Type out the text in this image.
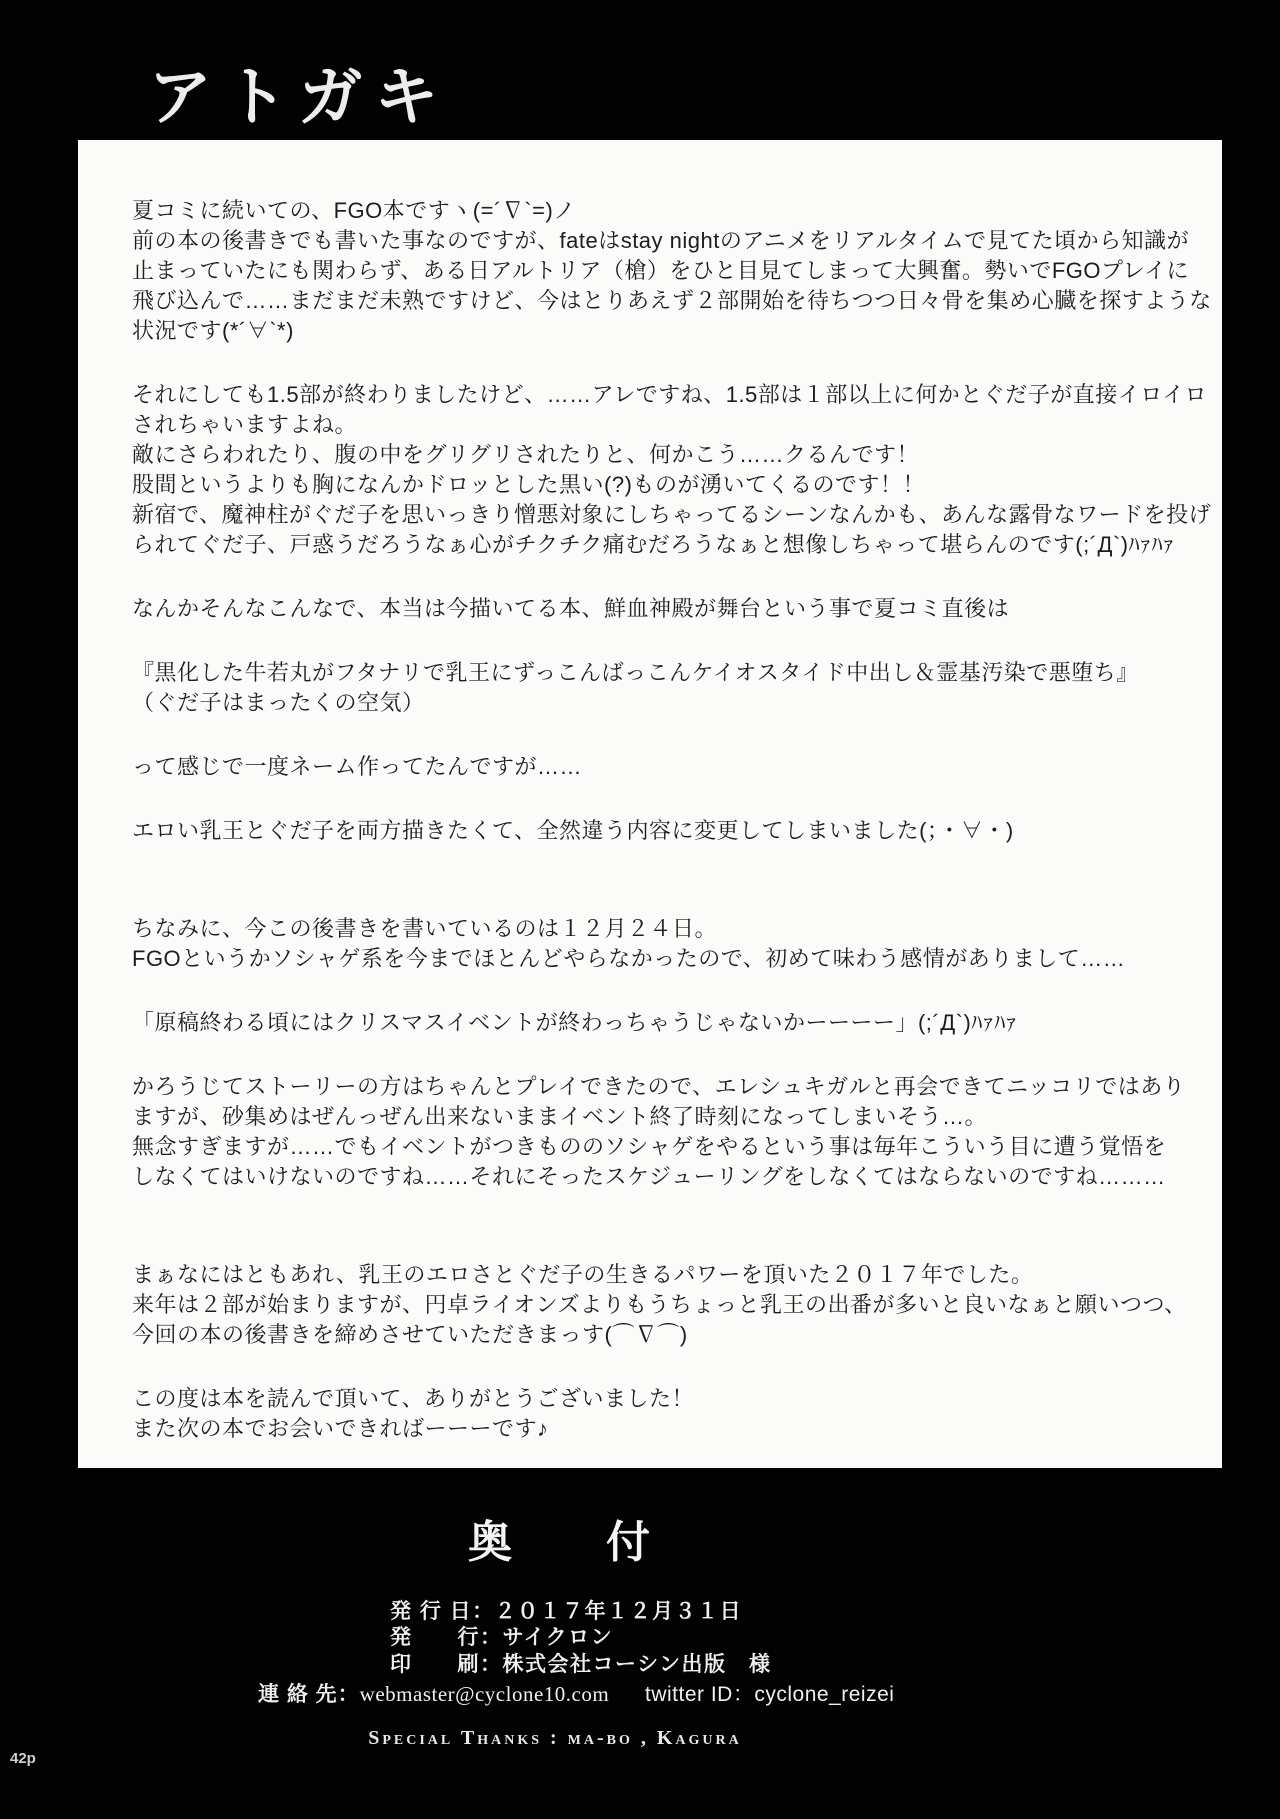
アトガキ
夏コミに続いての、FGO本ですヽ(=´∇`=)ノ
前の本の後書きでも書いた事なのですが、fateはstay nightのアニメをリアルタイムで見てた頃から知識が
止まっていたにも関わらず、ある日アルトリア（槍）をひと目見てしまって大興奮。勢いでFGOプレイに
飛び込んで……まだまだ未熟ですけど、今はとりあえず２部開始を待ちつつ日々骨を集め心臓を探すような
状況です(*´∀`*)

それにしても1.5部が終わりましたけど、……アレですね、1.5部は１部以上に何かとぐだ子が直接イロイロ
されちゃいますよね。
敵にさらわれたり、腹の中をグリグリされたりと、何かこう……クるんです！
股間というよりも胸になんかドロッとした黒い(?)ものが湧いてくるのです！！
新宿で、魔神柱がぐだ子を思いっきり憎悪対象にしちゃってるシーンなんかも、あんな露骨なワードを投げ
られてぐだ子、戸惑うだろうなぁ心がチクチク痛むだろうなぁと想像しちゃって堪らんのです(;´Д`)ﾊｧﾊｧ

なんかそんなこんなで、本当は今描いてる本、鮮血神殿が舞台という事で夏コミ直後は

『黒化した牛若丸がフタナリで乳王にずっこんばっこんケイオスタイド中出し＆霊基汚染で悪堕ち』
（ぐだ子はまったくの空気）

って感じで一度ネーム作ってたんですが……

エロい乳王とぐだ子を両方描きたくて、全然違う内容に変更してしまいました(；・∀・)

ちなみに、今この後書きを書いているのは１２月２４日。
FGOというかソシャゲ系を今までほとんどやらなかったので、初めて味わう感情がありまして……

「原稿終わる頃にはクリスマスイベントが終わっちゃうじゃないかーーーー」(;´Д`)ﾊｧﾊｧ

かろうじてストーリーの方はちゃんとプレイできたので、エレシュキガルと再会できてニッコリではあり
ますが、砂集めはぜんっぜん出来ないままイベント終了時刻になってしまいそう…。
無念すぎますが……でもイベントがつきもののソシャゲをやるという事は毎年こういう目に遭う覚悟を
しなくてはいけないのですね……それにそったスケジューリングをしなくてはならないのですね………

まぁなにはともあれ、乳王のエロさとぐだ子の生きるパワーを頂いた２０１７年でした。
来年は２部が始まりますが、円卓ライオンズよりもうちょっと乳王の出番が多いと良いなぁと願いつつ、
今回の本の後書きを締めさせていただきまっす(⌒∇⌒)

この度は本を読んで頂いて、ありがとうございました！
また次の本でお会いできればーーーです♪
奥　　付
発 行 日：２０１７年１２月３１日
発　　行：サイクロン
印　　刷：株式会社コーシン出版　様
連 絡 先：webmaster@cyclone10.com twitter ID：cyclone_reizei
Special Thanks : ma-bo , Kagura
42p
